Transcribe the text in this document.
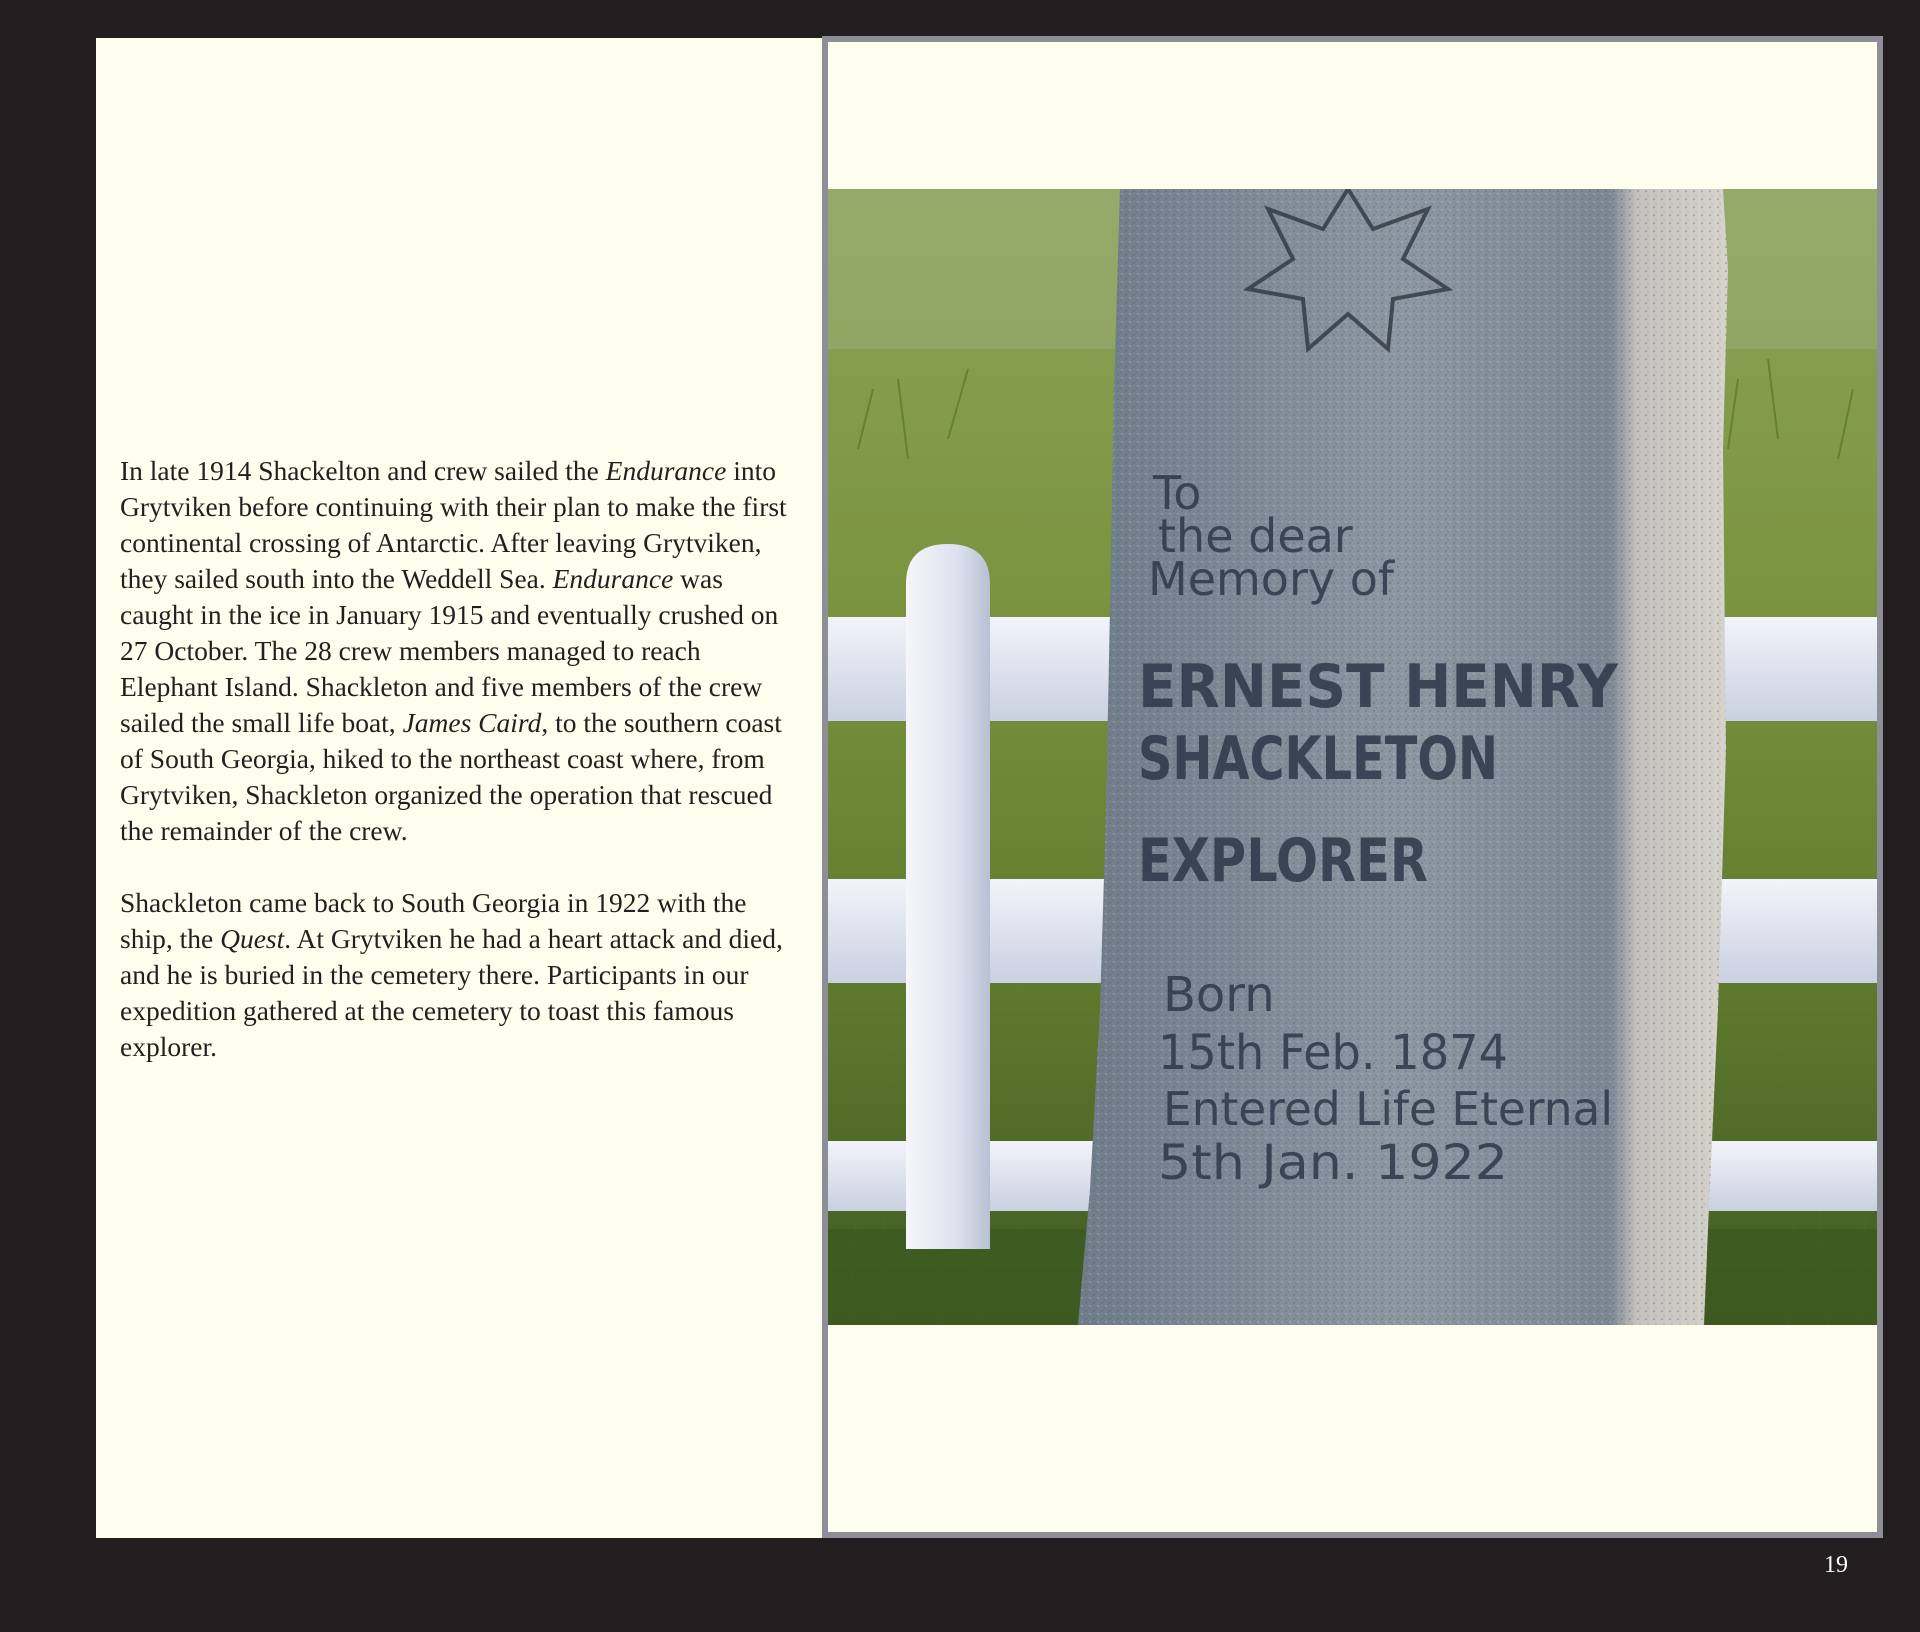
In late 1914 Shackelton and crew sailed the Endurance into Grytviken before continuing with their plan to make the first continental crossing of Antarctic. After leaving Grytviken, they sailed south into the Weddell Sea. Endurance was caught in the ice in January 1915 and eventually crushed on 27 October. The 28 crew members managed to reach Elephant Island. Shackleton and five members of the crew sailed the small life boat, James Caird, to the southern coast of South Georgia, hiked to the northeast coast where, from Grytviken, Shackleton organized the operation that rescued the remainder of the crew.

Shackleton came back to South Georgia in 1922 with the ship, the Quest. At Grytviken he had a heart attack and died, and he is buried in the cemetery there. Participants in our expedition gathered at the cemetery to toast this famous explorer.

To
the dear
Memory of
ERNEST HENRY
SHACKLETON
EXPLORER
Born
15th Feb. 1874
Entered Life Eternal
5th Jan. 1922
19
